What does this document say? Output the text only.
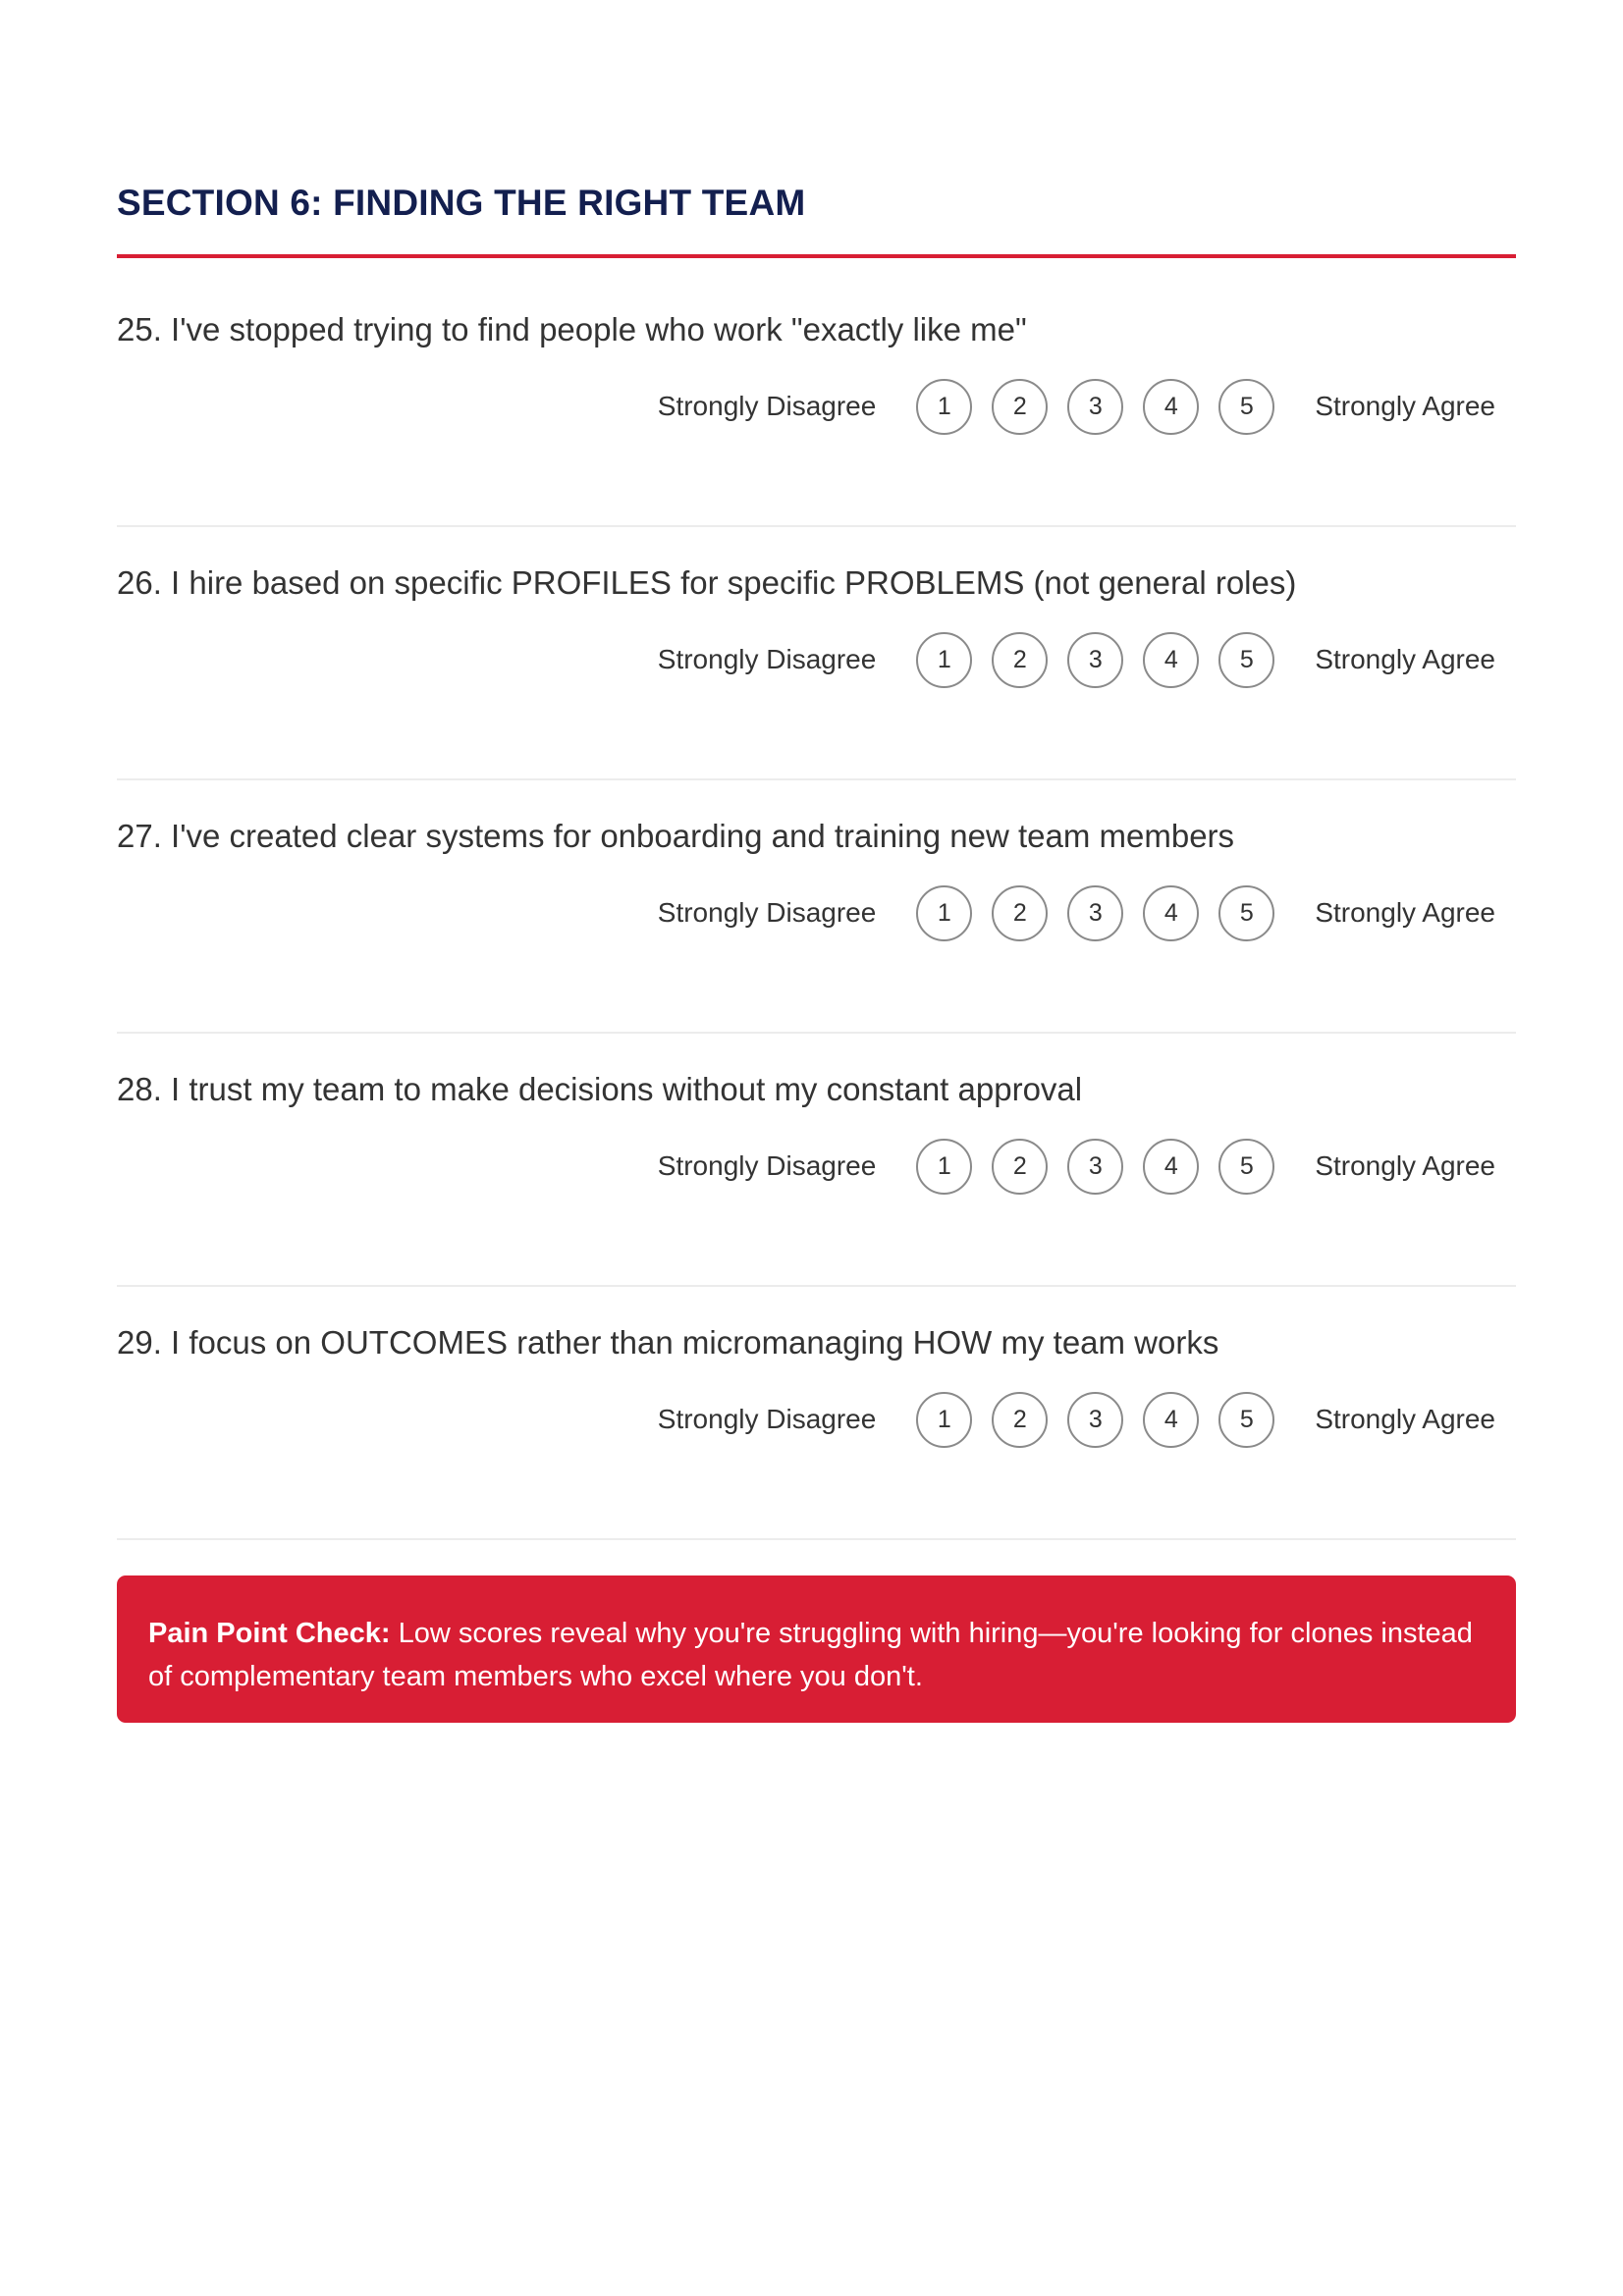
SECTION 6: FINDING THE RIGHT TEAM
25. I've stopped trying to find people who work "exactly like me"
Strongly Disagree	1	2	3	4	5	Strongly Agree
26. I hire based on specific PROFILES for specific PROBLEMS (not general roles)
Strongly Disagree	1	2	3	4	5	Strongly Agree
27. I've created clear systems for onboarding and training new team members
Strongly Disagree	1	2	3	4	5	Strongly Agree
28. I trust my team to make decisions without my constant approval
Strongly Disagree	1	2	3	4	5	Strongly Agree
29. I focus on OUTCOMES rather than micromanaging HOW my team works
Strongly Disagree	1	2	3	4	5	Strongly Agree
Pain Point Check: Low scores reveal why you're struggling with hiring—you're looking for clones instead of complementary team members who excel where you don't.
